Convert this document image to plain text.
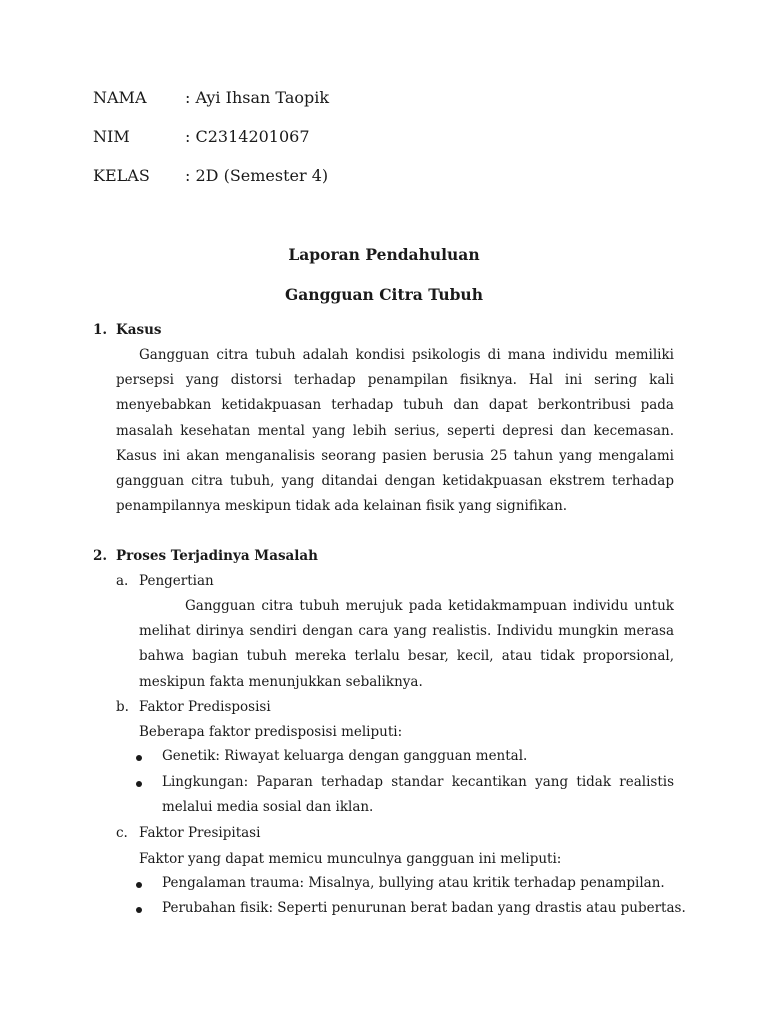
NAMA : Ayi Ihsan Taopik
NIM	: C2314201067
KELAS : 2D (Semester 4)
Laporan Pendahuluan
Gangguan Citra Tubuh
1. Kasus

Gangguan citra tubuh adalah kondisi psikologis di mana individu memiliki persepsi yang distorsi terhadap penampilan fisiknya. Hal ini sering kali menyebabkan ketidakpuasan terhadap tubuh dan dapat berkontribusi pada masalah kesehatan mental yang lebih serius, seperti depresi dan kecemasan. Kasus ini akan menganalisis seorang pasien berusia 25 tahun yang mengalami gangguan citra tubuh, yang ditandai dengan ketidakpuasan ekstrem terhadap penampilannya meskipun tidak ada kelainan fisik yang signifikan.

2. Proses Terjadinya Masalah
a. Pengertian

Gangguan citra tubuh merujuk pada ketidakmampuan individu untuk melihat dirinya sendiri dengan cara yang realistis. Individu mungkin merasa bahwa bagian tubuh mereka terlalu besar, kecil, atau tidak proporsional, meskipun fakta menunjukkan sebaliknya.

b. Faktor Predisposisi
Beberapa faktor predisposisi meliputi:

Genetik: Riwayat keluarga dengan gangguan mental.

Lingkungan: Paparan terhadap standar kecantikan yang tidak realistis melalui media sosial dan iklan.

c. Faktor Presipitasi
Faktor yang dapat memicu munculnya gangguan ini meliputi:

Pengalaman trauma: Misalnya, bullying atau kritik terhadap penampilan.

Perubahan fisik: Seperti penurunan berat badan yang drastis atau pubertas.
